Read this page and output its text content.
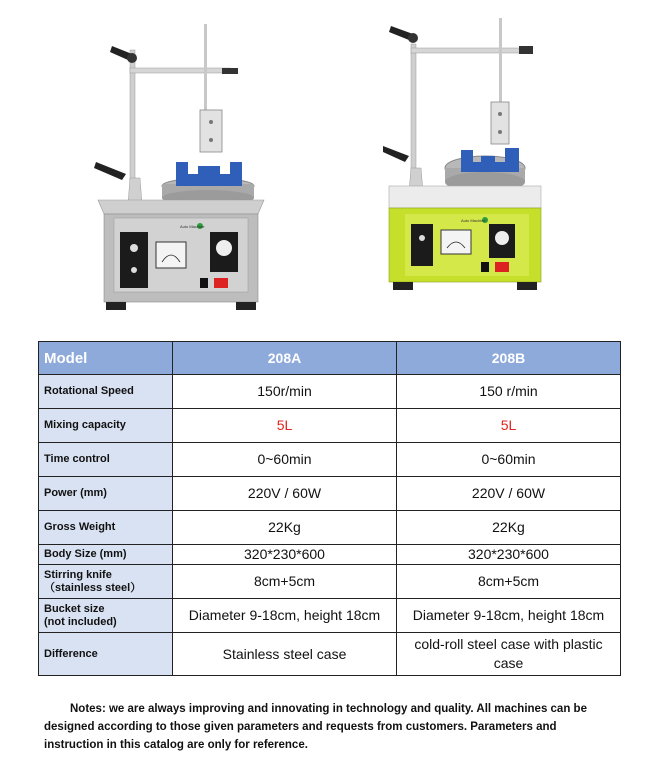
Auto Machine
Auto Machine
Model	208A	208B
Rotational Speed	150r/min	150 r/min
Mixing capacity	5L	5L
Time control	0~60min	0~60min
Power (mm)	220V / 60W	220V / 60W
Gross Weight	22Kg	22Kg
Body Size (mm)	320*230*600	320*230*600

Stirring knife
（stainless steel）	8cm+5cm	8cm+5cm

Bucket size
(not included)	Diameter 9-18cm, height 18cm	Diameter 9-18cm, height 18cm
Difference	Stainless steel case	cold-roll steel case with plastic case
Notes: we are always improving and innovating in technology and quality. All machines can be designed according to those given parameters and requests from customers. Parameters and instruction in this catalog are only for reference.
